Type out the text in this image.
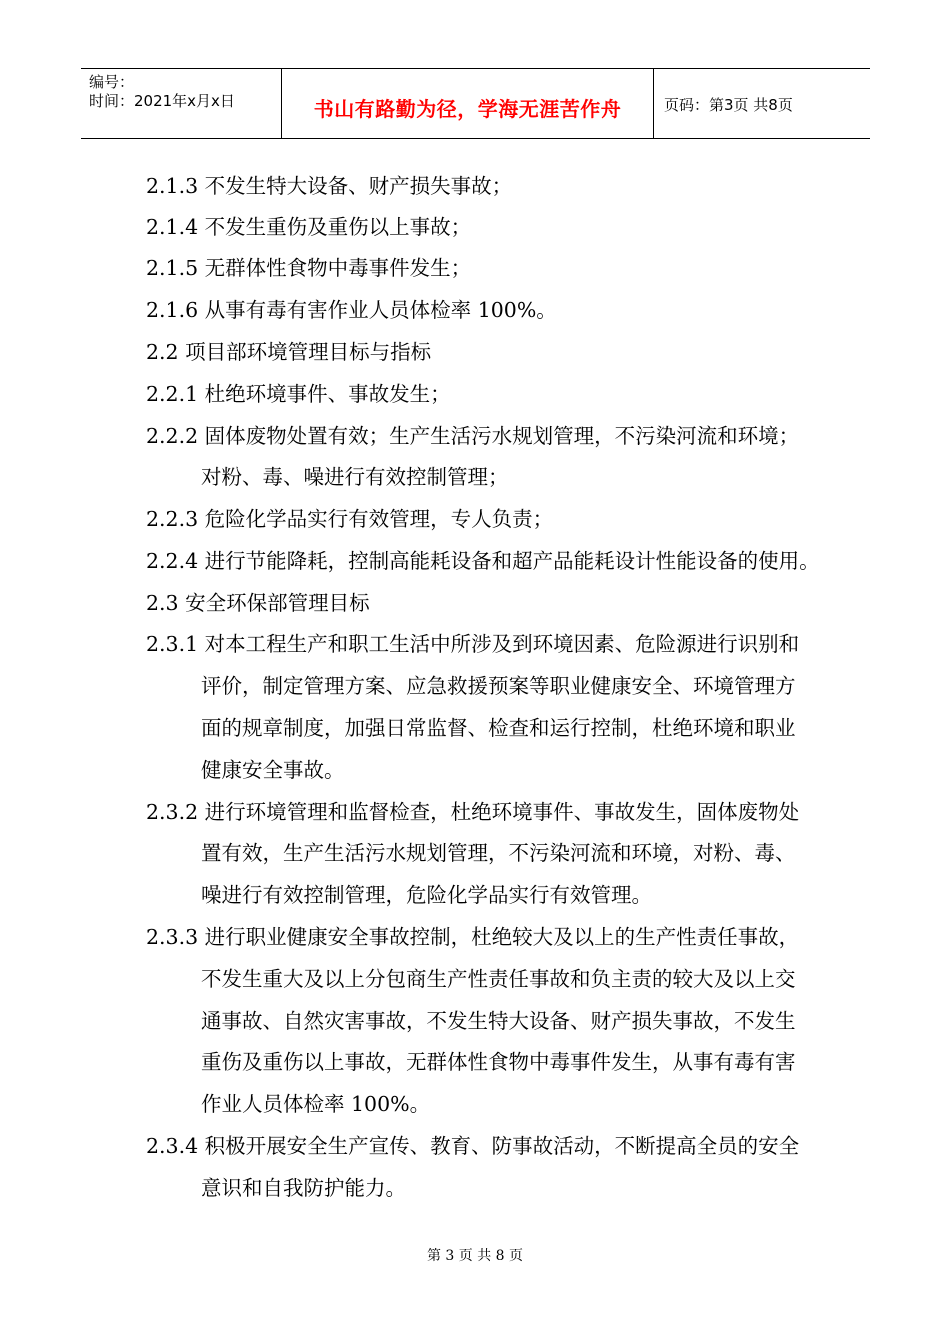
编号：
时间：2021年x月x日	书山有路勤为径，学海无涯苦作舟	页码：第3页 共8页
2.1.3 不发生特大设备、财产损失事故；
2.1.4 不发生重伤及重伤以上事故；
2.1.5 无群体性食物中毒事件发生；
2.1.6 从事有毒有害作业人员体检率 100%。
2.2 项目部环境管理目标与指标
2.2.1 杜绝环境事件、事故发生；
2.2.2 固体废物处置有效；生产生活污水规划管理，不污染河流和环境；
对粉、毒、噪进行有效控制管理；
2.2.3 危险化学品实行有效管理，专人负责；
2.2.4 进行节能降耗，控制高能耗设备和超产品能耗设计性能设备的使用。
2.3 安全环保部管理目标
2.3.1 对本工程生产和职工生活中所涉及到环境因素、危险源进行识别和
评价，制定管理方案、应急救援预案等职业健康安全、环境管理方
面的规章制度，加强日常监督、检查和运行控制，杜绝环境和职业
健康安全事故。
2.3.2 进行环境管理和监督检查，杜绝环境事件、事故发生，固体废物处
置有效，生产生活污水规划管理，不污染河流和环境，对粉、毒、
噪进行有效控制管理，危险化学品实行有效管理。
2.3.3 进行职业健康安全事故控制，杜绝较大及以上的生产性责任事故，
不发生重大及以上分包商生产性责任事故和负主责的较大及以上交
通事故、自然灾害事故，不发生特大设备、财产损失事故，不发生
重伤及重伤以上事故，无群体性食物中毒事件发生，从事有毒有害
作业人员体检率 100%。
2.3.4 积极开展安全生产宣传、教育、防事故活动，不断提高全员的安全
意识和自我防护能力。
第 3 页 共 8 页
